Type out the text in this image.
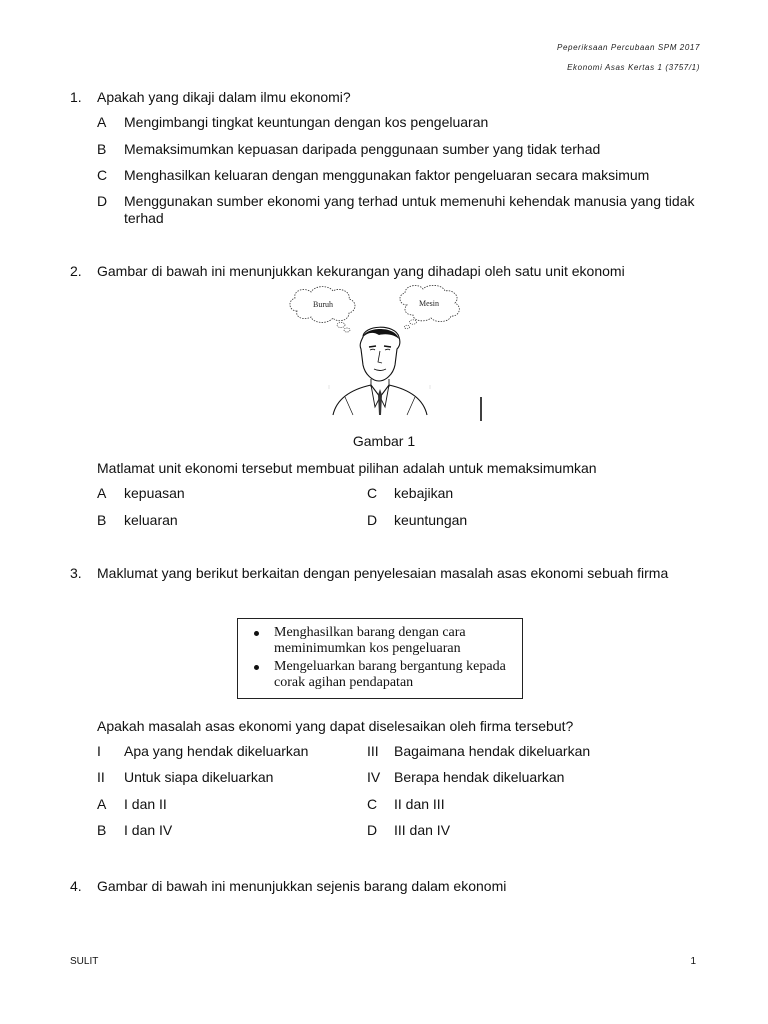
Peperiksaan Percubaan SPM 2017
Ekonomi Asas Kertas 1 (3757/1)
1. Apakah yang dikaji dalam ilmu ekonomi?
A Mengimbangi tingkat keuntungan dengan kos pengeluaran
B Memaksimumkan kepuasan daripada penggunaan sumber yang tidak terhad
C Menghasilkan keluaran dengan menggunakan faktor pengeluaran secara maksimum
D Menggunakan sumber ekonomi yang terhad untuk memenuhi kehendak manusia yang tidak terhad
2. Gambar di bawah ini menunjukkan kekurangan yang dihadapi oleh satu unit ekonomi
Buruh	Mesin
Gambar 1
Matlamat unit ekonomi tersebut membuat pilihan adalah untuk memaksimumkan
A kepuasan
B keluaran
C kebajikan
D keuntungan
3. Maklumat yang berikut berkaitan dengan penyelesaian masalah asas ekonomi sebuah firma
Menghasilkan barang dengan cara meminimumkan kos pengeluaran
Mengeluarkan barang bergantung kepada corak agihan pendapatan
Apakah masalah asas ekonomi yang dapat diselesaikan oleh firma tersebut?
I Apa yang hendak dikeluarkan
II Untuk siapa dikeluarkan
III Bagaimana hendak dikeluarkan
IV Berapa hendak dikeluarkan
A I dan II
B I dan IV
C II dan III
D III dan IV
4. Gambar di bawah ini menunjukkan sejenis barang dalam ekonomi
SULIT	1
